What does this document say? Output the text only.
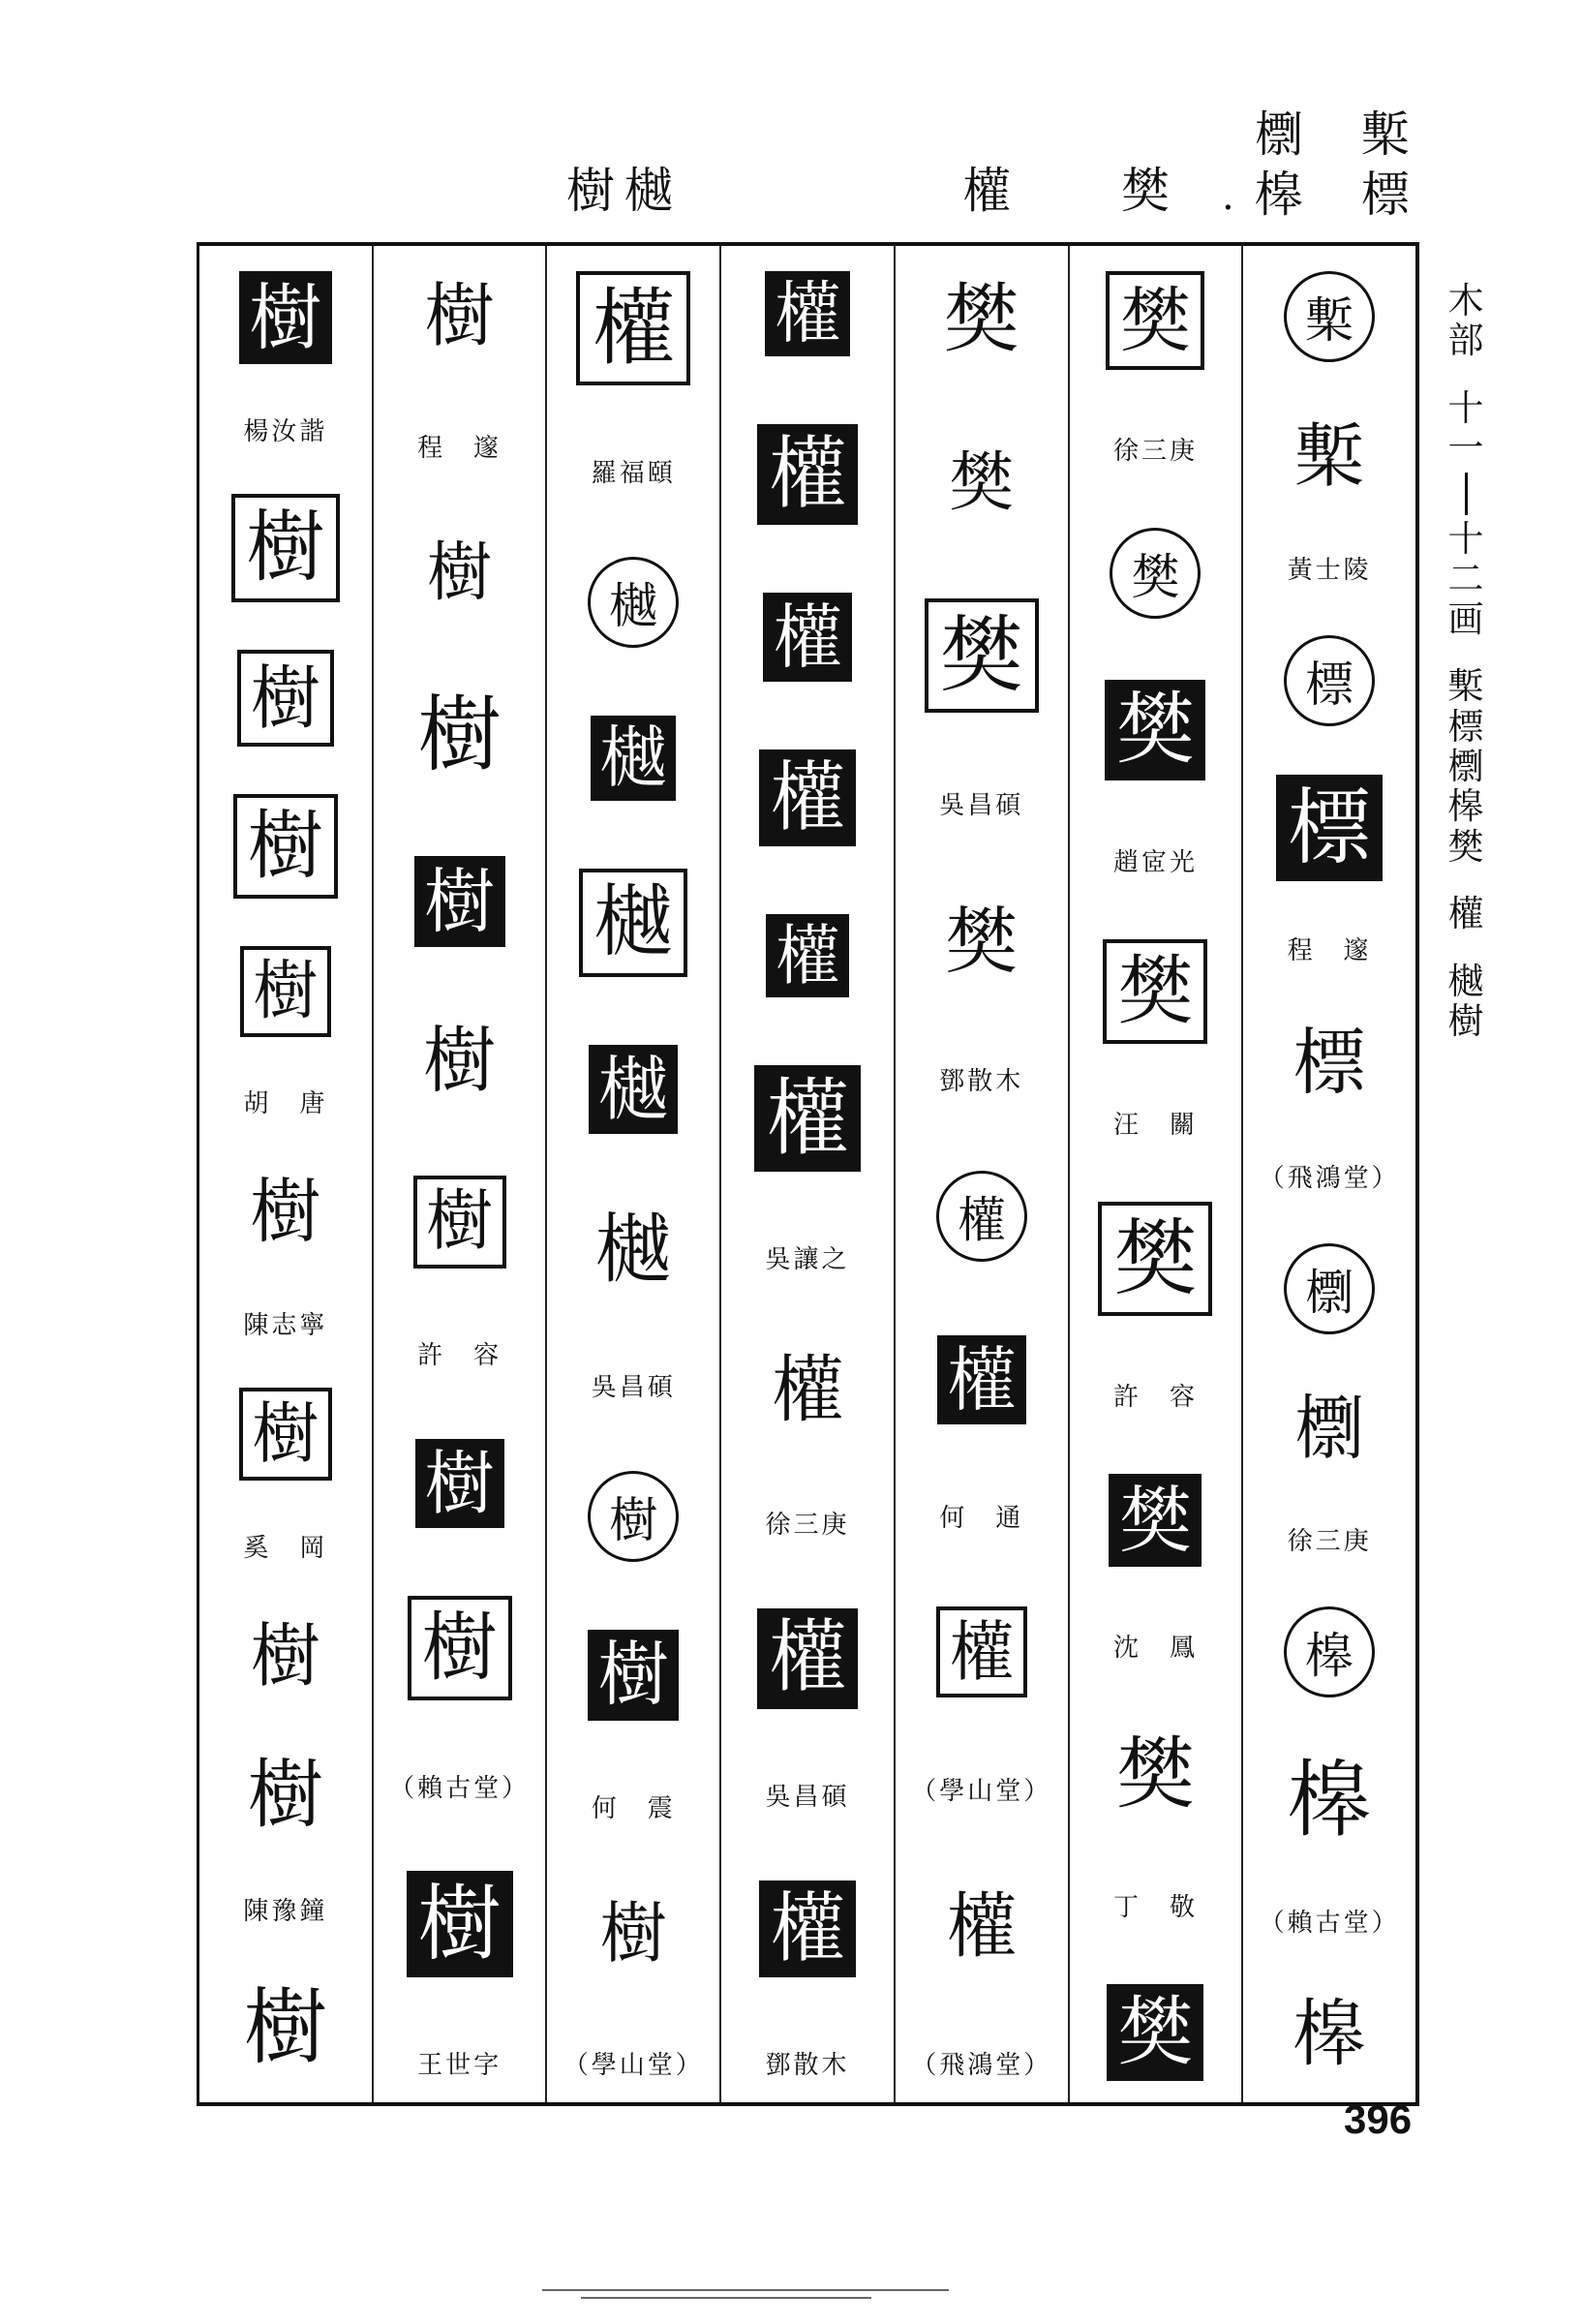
樹樾	權 樊 .
檦 槧
槔 標
樹
楊汝諧
樹
樹
樹
樹
胡　唐
樹
陳志寧
樹
奚　岡
樹
樹
陳豫鐘
樹
樹
程　邃
樹
樹
樹
樹
樹
許　容
樹
樹
（賴古堂）
樹
王世字
權
羅福頤
樾
樾
樾
樾
樾
吳昌碩
樹
樹
何　震
樹
（學山堂）
權
權
權
權
權
權
吳讓之
權
徐三庚
權
吳昌碩
權
鄧散木
樊
樊
樊
吳昌碩
樊
鄧散木
權
權
何　通
權
（學山堂）
權
（飛鴻堂）
樊
徐三庚
樊
樊
趙宧光
樊
汪　關
樊
許　容
樊
沈　鳳
樊
丁　敬
樊
槧
槧
黃士陵
標
標
程　邃
標
（飛鴻堂）
檦
檦
徐三庚
槔
槔
（賴古堂）
槔
木
部
十
一
十
二
画
槧
標
檦
槔
樊
權
樾
樹
396
